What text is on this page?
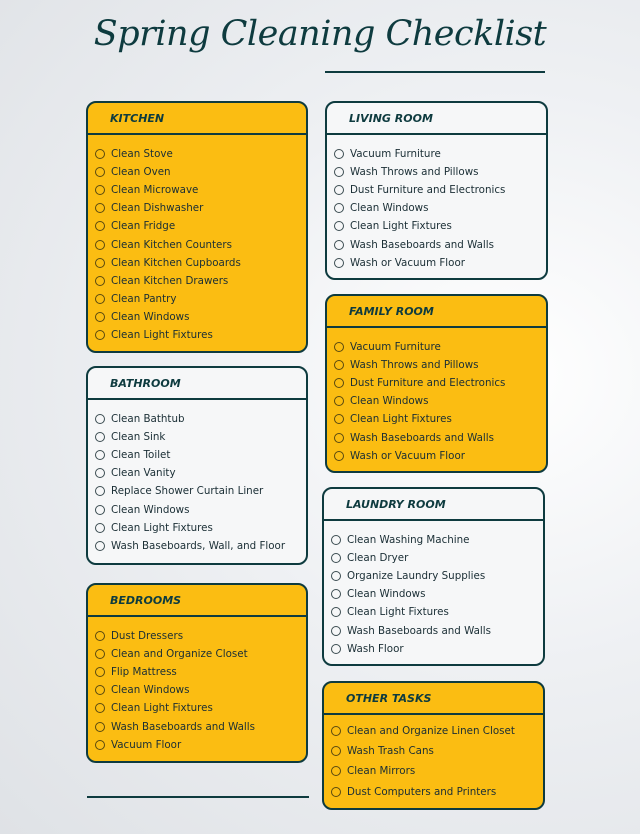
Spring Cleaning Checklist
KITCHEN
Clean Stove
Clean Oven
Clean Microwave
Clean Dishwasher
Clean Fridge
Clean Kitchen Counters
Clean Kitchen Cupboards
Clean Kitchen Drawers
Clean Pantry
Clean Windows
Clean Light Fixtures
BATHROOM
Clean Bathtub
Clean Sink
Clean Toilet
Clean Vanity
Replace Shower Curtain Liner
Clean Windows
Clean Light Fixtures
Wash Baseboards, Wall, and Floor
BEDROOMS
Dust Dressers
Clean and Organize Closet
Flip Mattress
Clean Windows
Clean Light Fixtures
Wash Baseboards and Walls
Vacuum Floor
LIVING ROOM
Vacuum Furniture
Wash Throws and Pillows
Dust Furniture and Electronics
Clean Windows
Clean Light Fixtures
Wash Baseboards and Walls
Wash or Vacuum Floor
FAMILY ROOM
Vacuum Furniture
Wash Throws and Pillows
Dust Furniture and Electronics
Clean Windows
Clean Light Fixtures
Wash Baseboards and Walls
Wash or Vacuum Floor
LAUNDRY ROOM
Clean Washing Machine
Clean Dryer
Organize Laundry Supplies
Clean Windows
Clean Light Fixtures
Wash Baseboards and Walls
Wash Floor
OTHER TASKS
Clean and Organize Linen Closet
Wash Trash Cans
Clean Mirrors
Dust Computers and Printers
